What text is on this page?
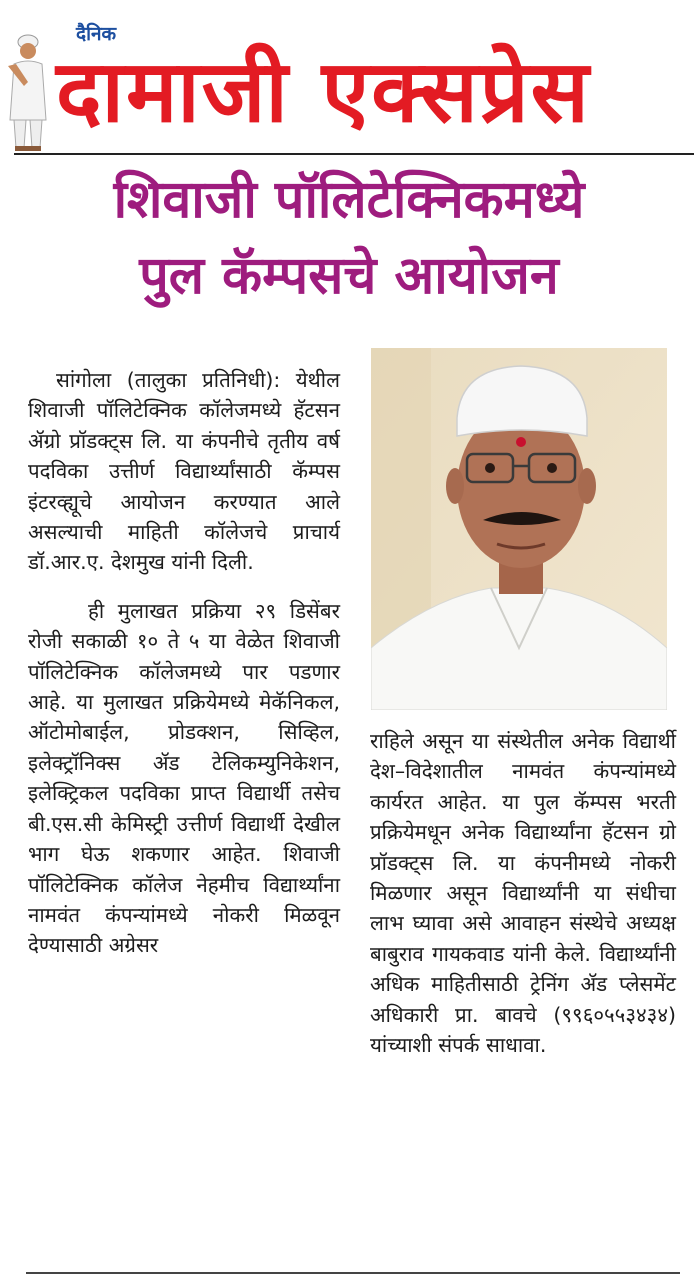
दैनिक
दामाजी एक्सप्रेस
शिवाजी पॉलिटेक्निकमध्ये
पुल कॅम्पसचे आयोजन

सांगोला (तालुका प्रतिनिधी): येथील शिवाजी पॉलिटेक्निक कॉलेजमध्ये हॅटसन ॲग्रो प्रॉडक्ट्स लि. या कंपनीचे तृतीय वर्ष पदविका उत्तीर्ण विद्यार्थ्यांसाठी कॅम्पस इंटरव्ह्यूचे आयोजन करण्यात आले असल्याची माहिती कॉलेजचे प्राचार्य डॉ.आर.ए. देशमुख यांनी दिली.

ही मुलाखत प्रक्रिया २९ डिसेंबर रोजी सकाळी १० ते ५ या वेळेत शिवाजी पॉलिटेक्निक कॉलेजमध्ये पार पडणार आहे. या मुलाखत प्रक्रियेमध्ये मेकॅनिकल, ऑटोमोबाईल, प्रोडक्शन, सिव्हिल, इलेक्ट्रॉनिक्स ॲड टेलिकम्युनिकेशन, इलेक्ट्रिकल पदविका प्राप्त विद्यार्थी तसेच बी.एस.सी केमिस्ट्री उत्तीर्ण विद्यार्थी देखील भाग घेऊ शकणार आहेत. शिवाजी पॉलिटेक्निक कॉलेज नेहमीच विद्यार्थ्यांना नामवंत कंपन्यांमध्ये नोकरी मिळवून देण्यासाठी अग्रेसर

राहिले असून या संस्थेतील अनेक विद्यार्थी देश–विदेशातील नामवंत कंपन्यांमध्ये कार्यरत आहेत. या पुल कॅम्पस भरती प्रक्रियेमधून अनेक विद्यार्थ्यांना हॅटसन ग्रो प्रॉडक्ट्स लि. या कंपनीमध्ये नोकरी मिळणार असून विद्यार्थ्यांनी या संधीचा लाभ घ्यावा असे आवाहन संस्थेचे अध्यक्ष बाबुराव गायकवाड यांनी केले. विद्यार्थ्यांनी अधिक माहितीसाठी ट्रेनिंग ॲड प्लेसमेंट अधिकारी प्रा. बावचे (९९६०५५३४३४) यांच्याशी संपर्क साधावा.
